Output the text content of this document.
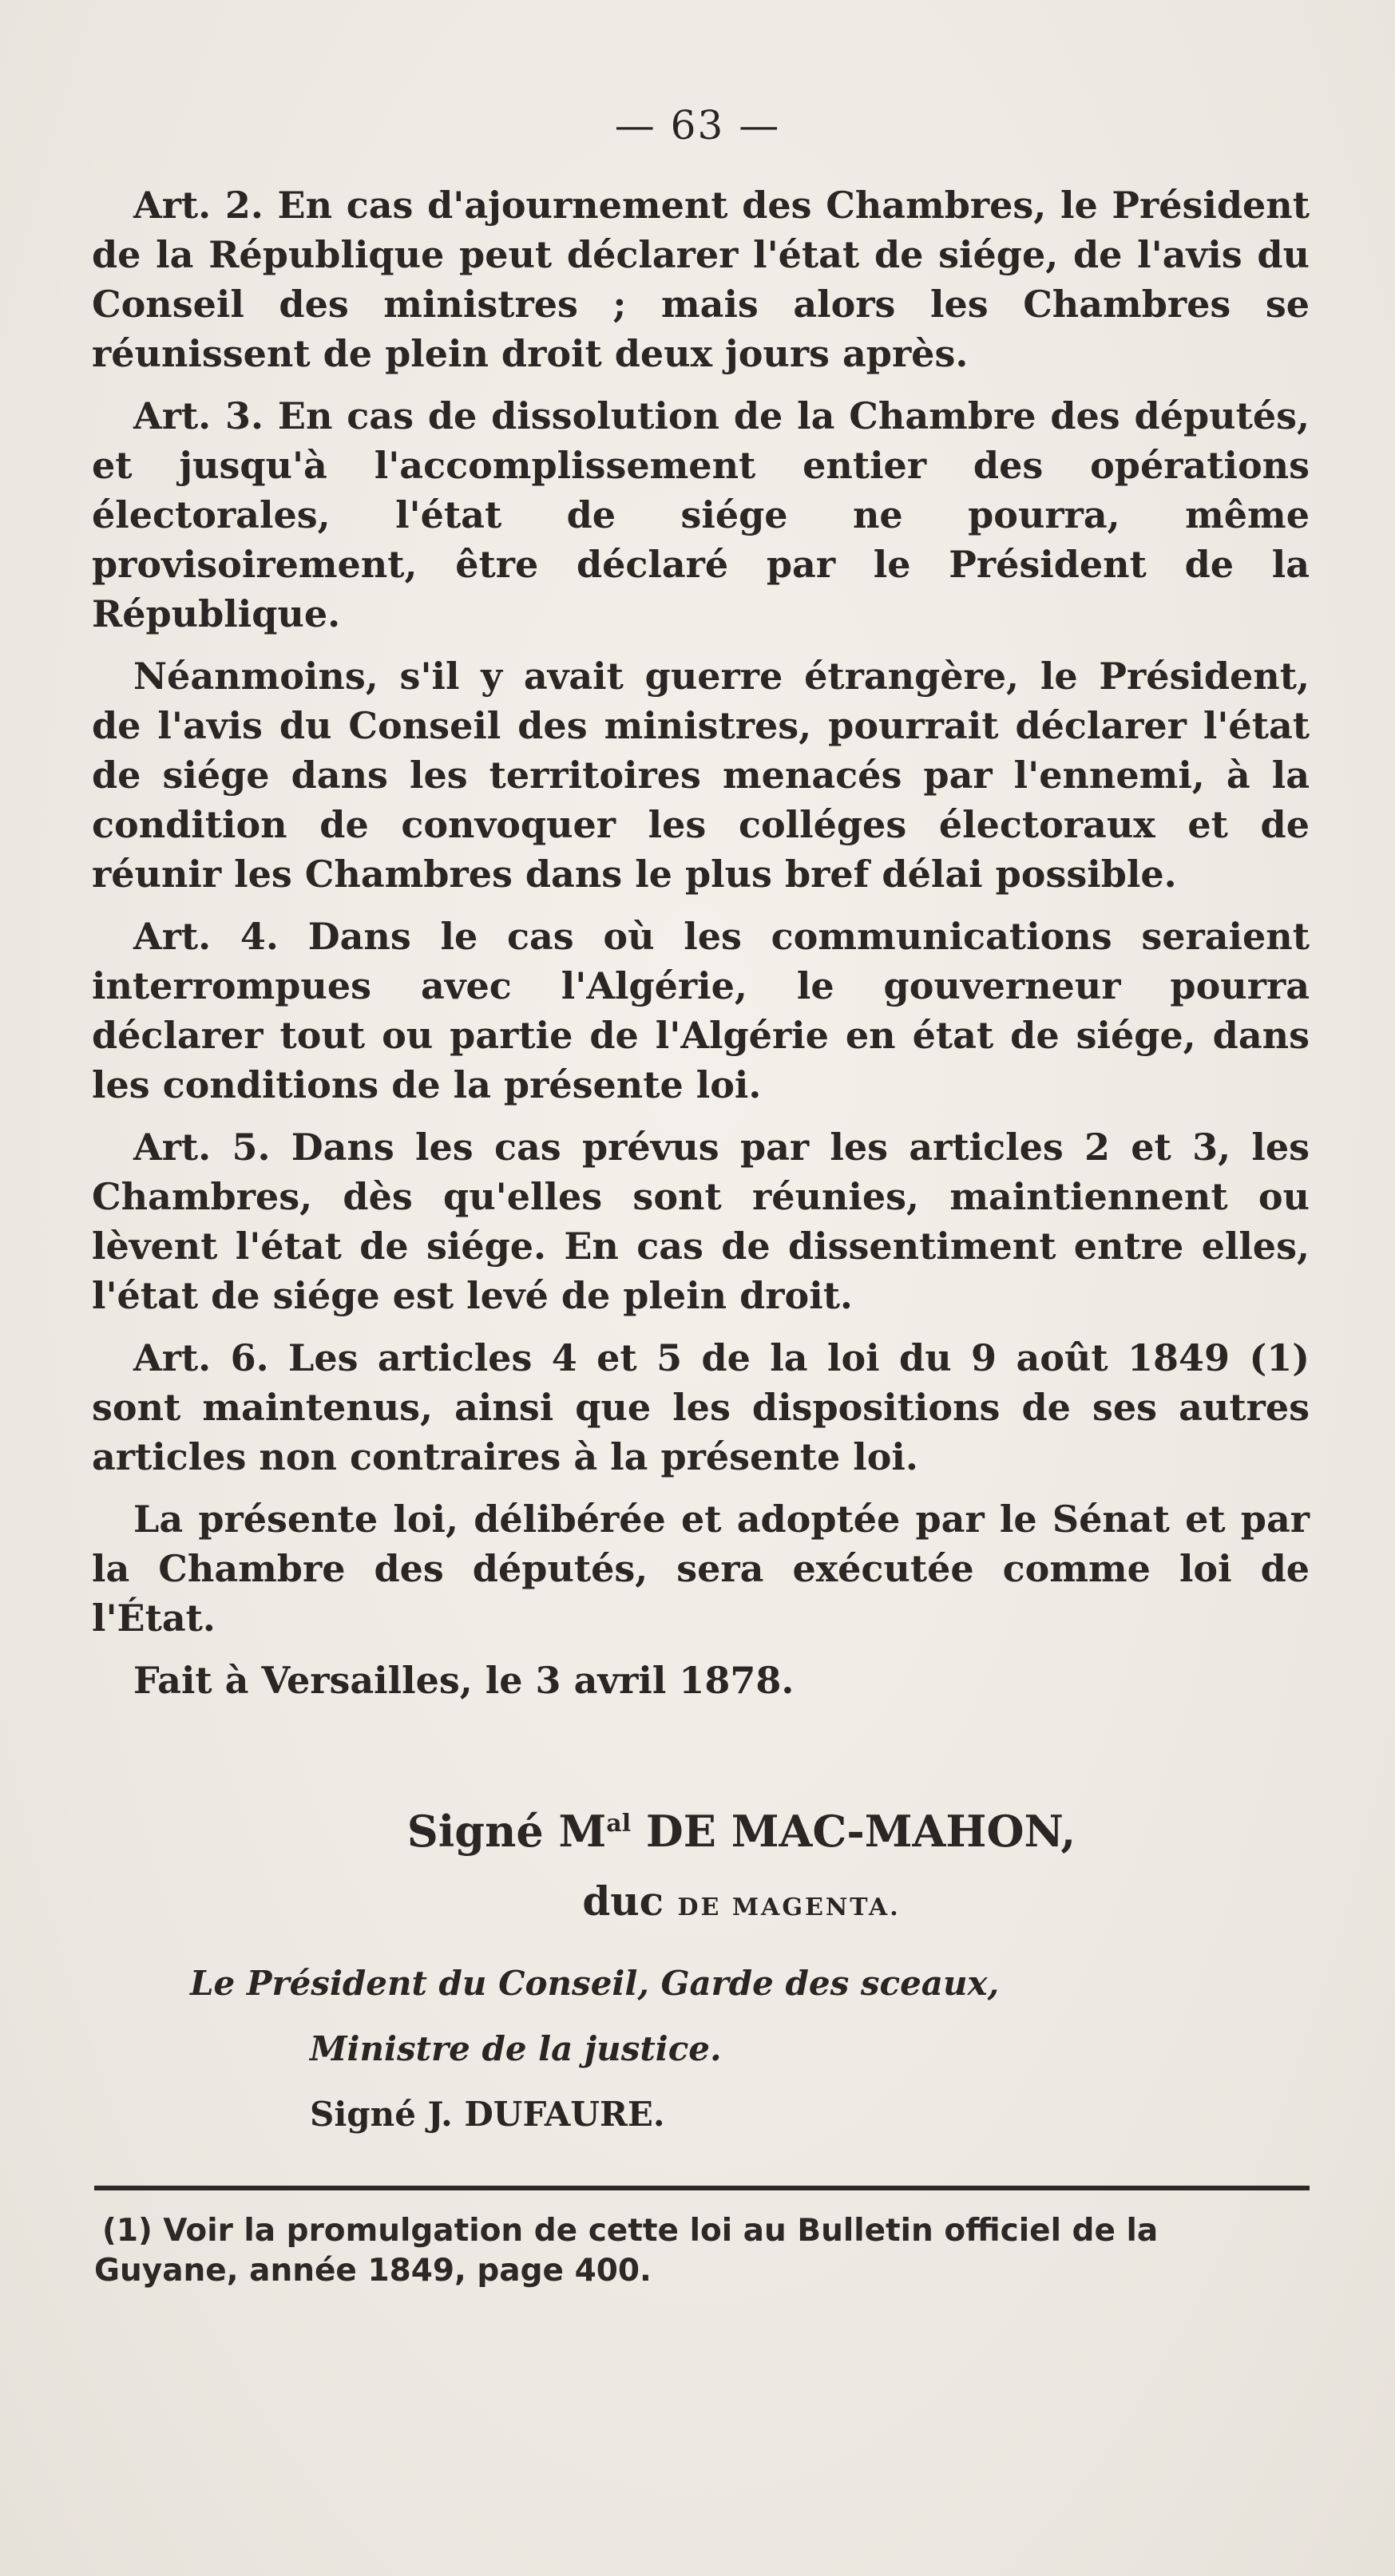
— 63 —

Art. 2. En cas d'ajournement des Chambres, le Président de la République peut déclarer l'état de siége, de l'avis du Conseil des ministres ; mais alors les Chambres se réunissent de plein droit deux jours après.

Art. 3. En cas de dissolution de la Chambre des députés, et jusqu'à l'accomplissement entier des opérations électorales, l'état de siége ne pourra, même provisoirement, être déclaré par le Président de la République.

Néanmoins, s'il y avait guerre étrangère, le Président, de l'avis du Conseil des ministres, pourrait déclarer l'état de siége dans les territoires menacés par l'ennemi, à la condition de convoquer les colléges électoraux et de réunir les Chambres dans le plus bref délai possible.

Art. 4. Dans le cas où les communications seraient interrompues avec l'Algérie, le gouverneur pourra déclarer tout ou partie de l'Algérie en état de siége, dans les conditions de la présente loi.

Art. 5. Dans les cas prévus par les articles 2 et 3, les Chambres, dès qu'elles sont réunies, maintiennent ou lèvent l'état de siége. En cas de dissentiment entre elles, l'état de siége est levé de plein droit.

Art. 6. Les articles 4 et 5 de la loi du 9 août 1849 (1) sont maintenus, ainsi que les dispositions de ses autres articles non contraires à la présente loi.

La présente loi, délibérée et adoptée par le Sénat et par la Chambre des députés, sera exécutée comme loi de l'État.

Fait à Versailles, le 3 avril 1878.

Signé $M^{al}$ DE MAC-MAHON,
duc DE MAGENTA.
Le Président du Conseil, Garde des sceaux,
Ministre de la justice.
Signé J. DUFAURE.
(1) Voir la promulgation de cette loi au Bulletin officiel de la Guyane, année 1849, page 400.
